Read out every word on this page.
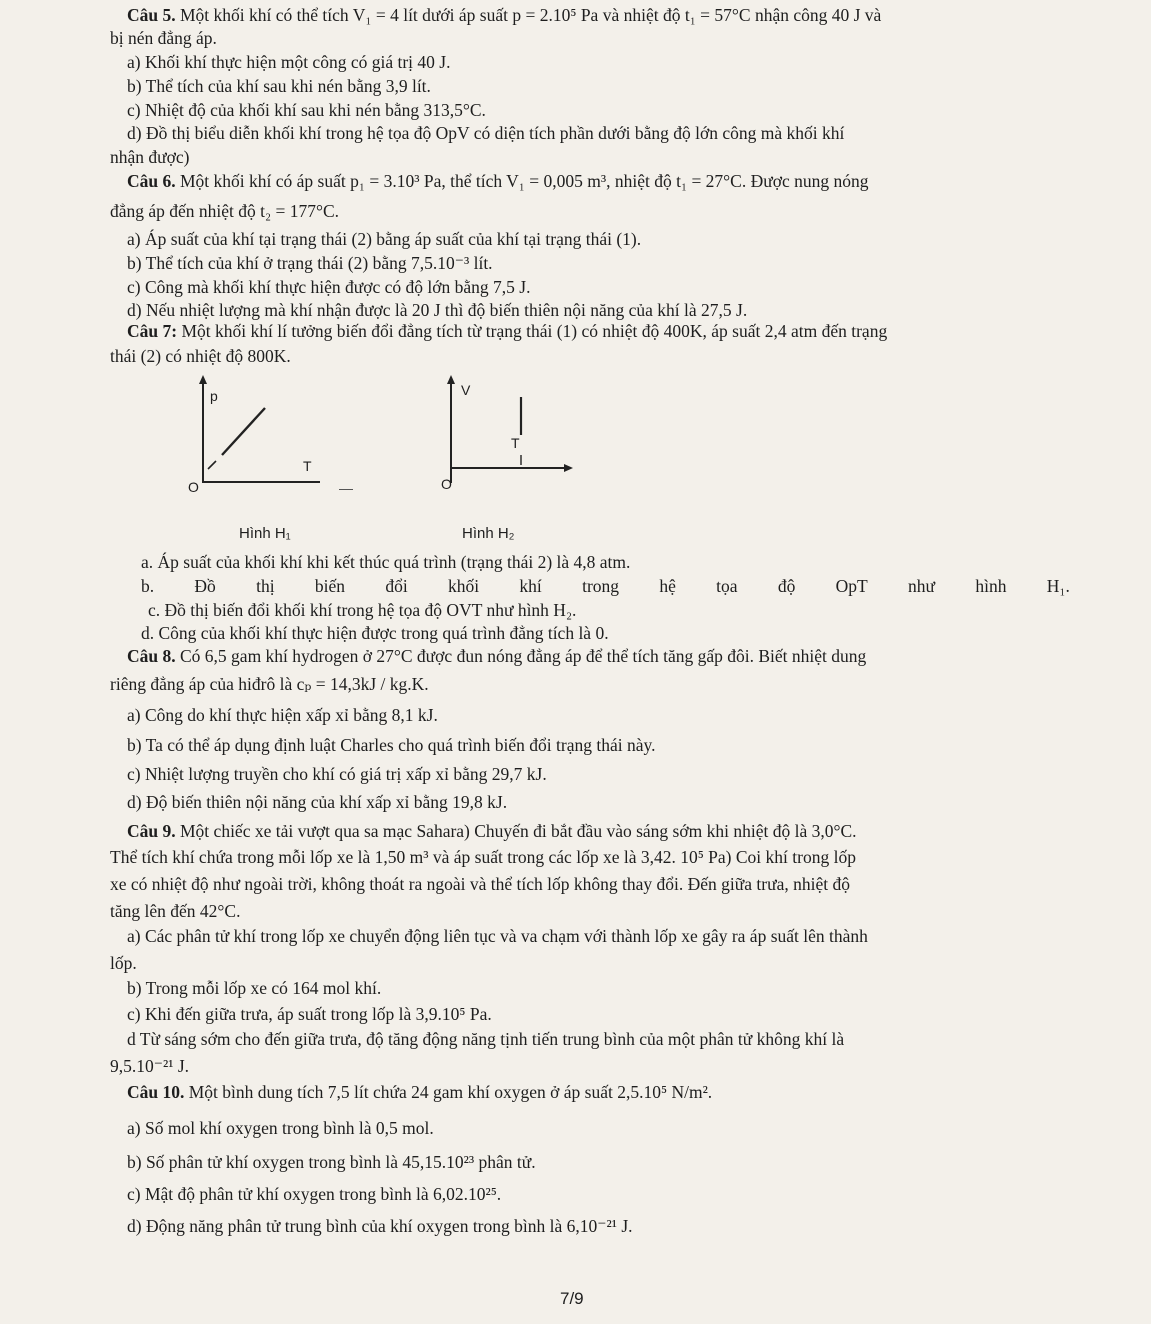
Câu 5. Một khối khí có thể tích V₁ = 4 lít dưới áp suất p = 2.10⁵ Pa và nhiệt độ t₁ = 57°C nhận công 40 J và
bị nén đẳng áp.
a) Khối khí thực hiện một công có giá trị 40 J.
b) Thể tích của khí sau khi nén bằng 3,9 lít.
c) Nhiệt độ của khối khí sau khi nén bằng 313,5°C.
d) Đồ thị biểu diễn khối khí trong hệ tọa độ OpV có diện tích phần dưới bằng độ lớn công mà khối khí
nhận được)
Câu 6. Một khối khí có áp suất p₁ = 3.10³ Pa, thể tích V₁ = 0,005 m³, nhiệt độ t₁ = 27°C. Được nung nóng
đẳng áp đến nhiệt độ t₂ = 177°C.
a) Áp suất của khí tại trạng thái (2) bằng áp suất của khí tại trạng thái (1).
b) Thể tích của khí ở trạng thái (2) bằng 7,5.10⁻³ lít.
c) Công mà khối khí thực hiện được có độ lớn bằng 7,5 J.
d) Nếu nhiệt lượng mà khí nhận được là 20 J thì độ biến thiên nội năng của khí là 27,5 J.
Câu 7: Một khối khí lí tưởng biến đổi đẳng tích từ trạng thái (1) có nhiệt độ 400K, áp suất 2,4 atm đến trạng
thái (2) có nhiệt độ 800K.
p
T
O
V
T
O
Hình H₁	Hình H₂
a. Áp suất của khối khí khi kết thúc quá trình (trạng thái 2) là 4,8 atm.
b. Đồ thị biến đổi khối khí trong hệ tọa độ OpT như hình H₁.
c. Đồ thị biến đổi khối khí trong hệ tọa độ OVT như hình H₂.
d. Công của khối khí thực hiện được trong quá trình đẳng tích là 0.
Câu 8. Có 6,5 gam khí hydrogen ở 27°C được đun nóng đẳng áp để thể tích tăng gấp đôi. Biết nhiệt dung
riêng đẳng áp của hiđrô là cₚ = 14,3kJ / kg.K.
a) Công do khí thực hiện xấp xỉ bằng 8,1 kJ.
b) Ta có thể áp dụng định luật Charles cho quá trình biến đổi trạng thái này.
c) Nhiệt lượng truyền cho khí có giá trị xấp xỉ bằng 29,7 kJ.
d) Độ biến thiên nội năng của khí xấp xỉ bằng 19,8 kJ.
Câu 9. Một chiếc xe tải vượt qua sa mạc Sahara) Chuyến đi bắt đầu vào sáng sớm khi nhiệt độ là 3,0°C.
Thể tích khí chứa trong mỗi lốp xe là 1,50 m³ và áp suất trong các lốp xe là 3,42. 10⁵ Pa) Coi khí trong lốp
xe có nhiệt độ như ngoài trời, không thoát ra ngoài và thể tích lốp không thay đổi. Đến giữa trưa, nhiệt độ
tăng lên đến 42°C.
a) Các phân tử khí trong lốp xe chuyển động liên tục và va chạm với thành lốp xe gây ra áp suất lên thành
lốp.
b) Trong mỗi lốp xe có 164 mol khí.
c) Khi đến giữa trưa, áp suất trong lốp là 3,9.10⁵ Pa.
d Từ sáng sớm cho đến giữa trưa, độ tăng động năng tịnh tiến trung bình của một phân tử không khí là
9,5.10⁻²¹ J.
Câu 10. Một bình dung tích 7,5 lít chứa 24 gam khí oxygen ở áp suất 2,5.10⁵ N/m².
a) Số mol khí oxygen trong bình là 0,5 mol.
b) Số phân tử khí oxygen trong bình là 45,15.10²³ phân tử.
c) Mật độ phân tử khí oxygen trong bình là 6,02.10²⁵.
d) Động năng phân tử trung bình của khí oxygen trong bình là 6,10⁻²¹ J.
7/9
